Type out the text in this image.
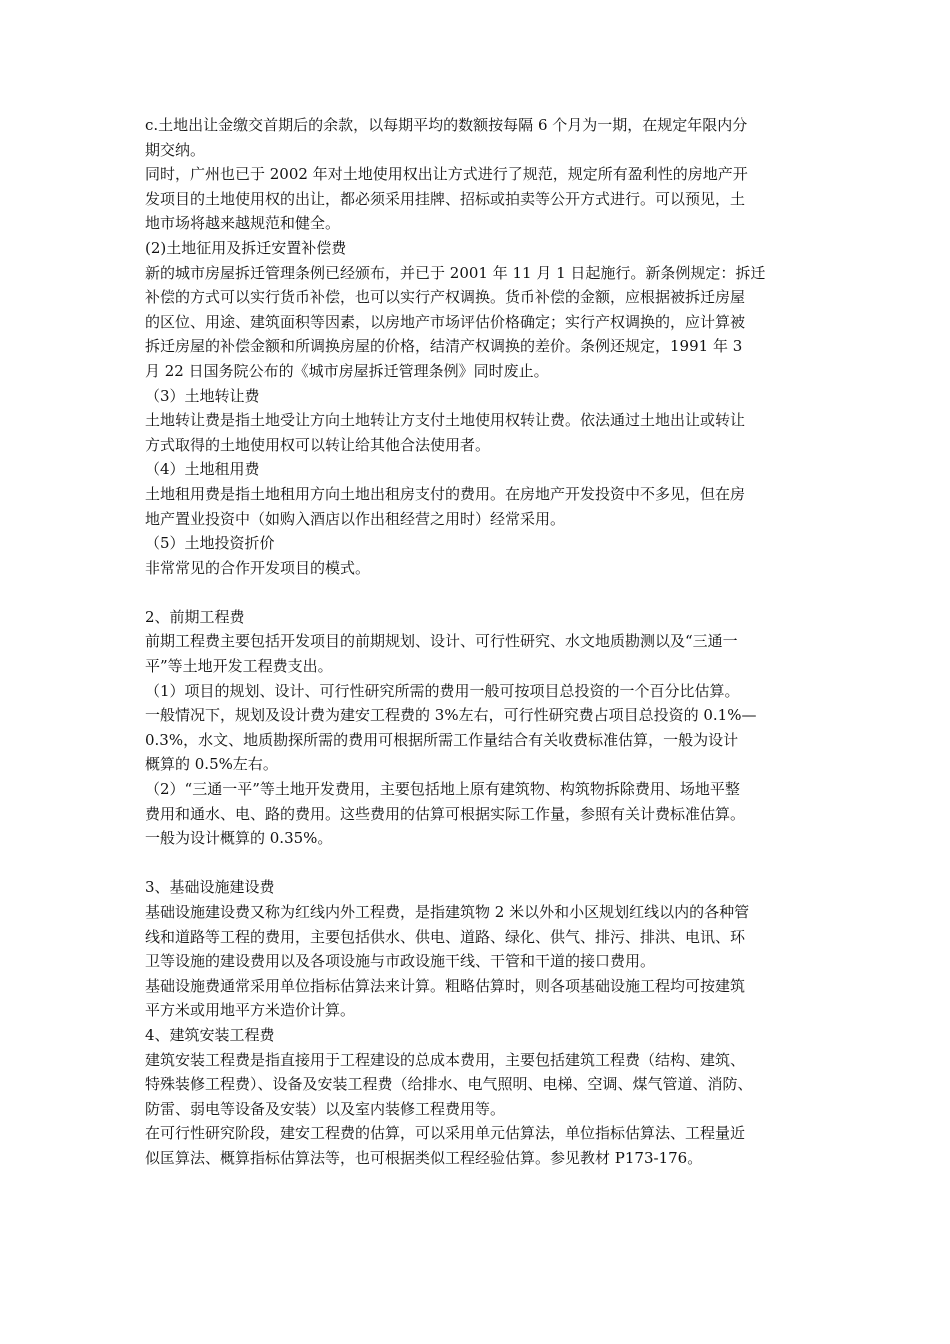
c.土地出让金缴交首期后的余款，以每期平均的数额按每隔 6 个月为一期，在规定年限内分
期交纳。
同时，广州也已于 2002 年对土地使用权出让方式进行了规范，规定所有盈利性的房地产开
发项目的土地使用权的出让，都必须采用挂牌、招标或拍卖等公开方式进行。可以预见，土
地市场将越来越规范和健全。
(2)土地征用及拆迁安置补偿费
新的城市房屋拆迁管理条例已经颁布，并已于 2001 年 11 月 1 日起施行。新条例规定：拆迁
补偿的方式可以实行货币补偿，也可以实行产权调换。货币补偿的金额，应根据被拆迁房屋
的区位、用途、建筑面积等因素，以房地产市场评估价格确定；实行产权调换的，应计算被
拆迁房屋的补偿金额和所调换房屋的价格，结清产权调换的差价。条例还规定，1991 年 3
月 22 日国务院公布的《城市房屋拆迁管理条例》同时废止。
（3）土地转让费
土地转让费是指土地受让方向土地转让方支付土地使用权转让费。依法通过土地出让或转让
方式取得的土地使用权可以转让给其他合法使用者。
（4）土地租用费
土地租用费是指土地租用方向土地出租房支付的费用。在房地产开发投资中不多见，但在房
地产置业投资中（如购入酒店以作出租经营之用时）经常采用。
（5）土地投资折价
非常常见的合作开发项目的模式。
2、前期工程费
前期工程费主要包括开发项目的前期规划、设计、可行性研究、水文地质勘测以及“三通一
平”等土地开发工程费支出。
（1）项目的规划、设计、可行性研究所需的费用一般可按项目总投资的一个百分比估算。
一般情况下，规划及设计费为建安工程费的 3%左右，可行性研究费占项目总投资的 0.1%—
0.3%，水文、地质勘探所需的费用可根据所需工作量结合有关收费标准估算，一般为设计
概算的 0.5%左右。
（2）“三通一平”等土地开发费用，主要包括地上原有建筑物、构筑物拆除费用、场地平整
费用和通水、电、路的费用。这些费用的估算可根据实际工作量，参照有关计费标准估算。
一般为设计概算的 0.35%。
3、基础设施建设费
基础设施建设费又称为红线内外工程费，是指建筑物 2 米以外和小区规划红线以内的各种管
线和道路等工程的费用，主要包括供水、供电、道路、绿化、供气、排污、排洪、电讯、环
卫等设施的建设费用以及各项设施与市政设施干线、干管和干道的接口费用。
基础设施费通常采用单位指标估算法来计算。粗略估算时，则各项基础设施工程均可按建筑
平方米或用地平方米造价计算。
4、建筑安装工程费
建筑安装工程费是指直接用于工程建设的总成本费用，主要包括建筑工程费（结构、建筑、
特殊装修工程费）、设备及安装工程费（给排水、电气照明、电梯、空调、煤气管道、消防、
防雷、弱电等设备及安装）以及室内装修工程费用等。
在可行性研究阶段，建安工程费的估算，可以采用单元估算法，单位指标估算法、工程量近
似匡算法、概算指标估算法等，也可根据类似工程经验估算。参见教材 P173-176。
